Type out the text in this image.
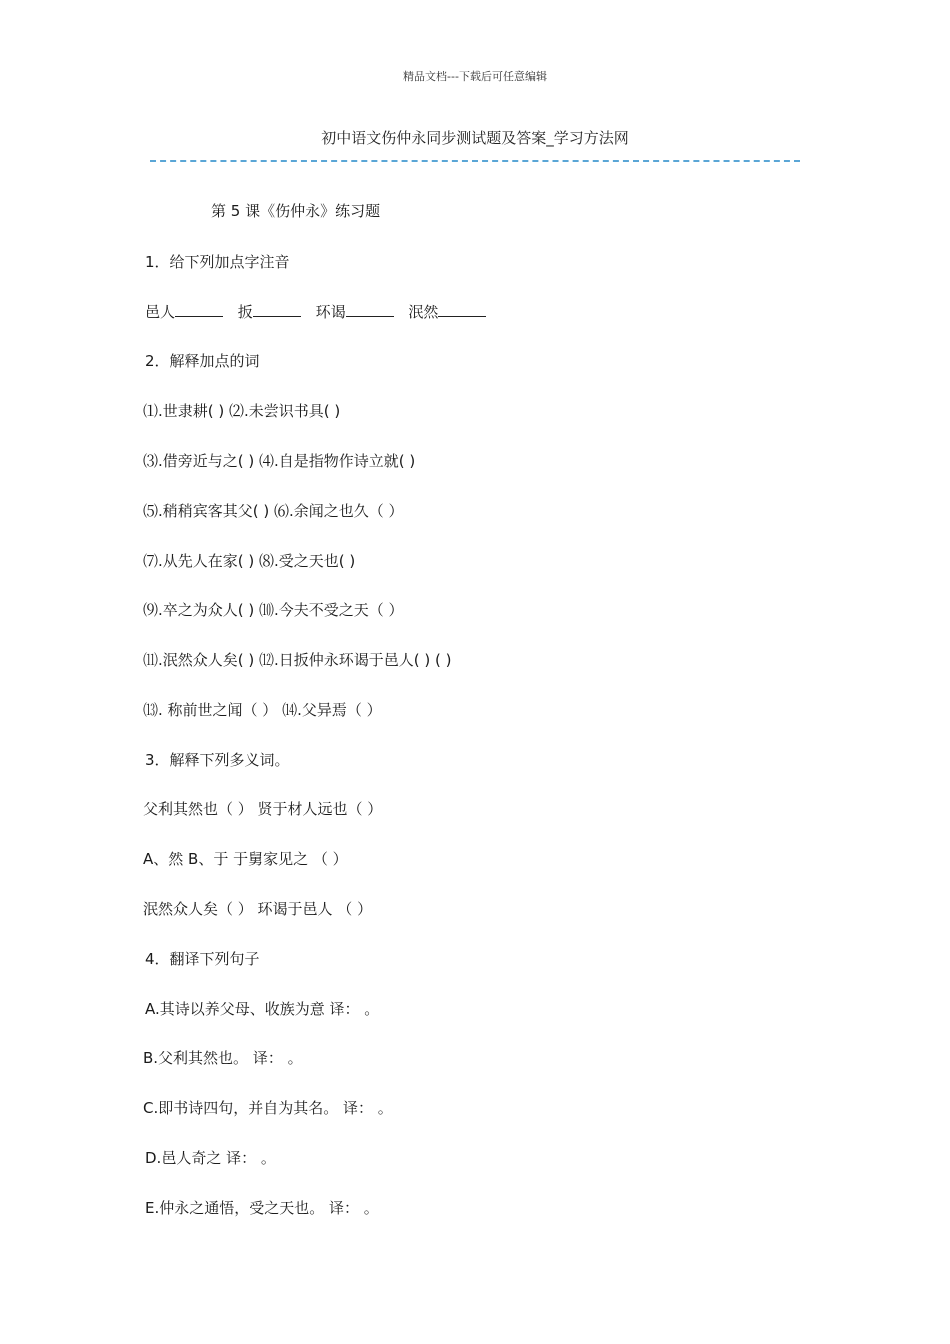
精品文档---下载后可任意编辑
初中语文伤仲永同步测试题及答案_学习方法网
第 5 课《伤仲永》练习题
1．给下列加点字注音
邑人	扳	环谒	泯然
2．解释加点的词
⑴.世隶耕( ) ⑵.未尝识书具( )
⑶.借旁近与之( ) ⑷.自是指物作诗立就( )
⑸.稍稍宾客其父( ) ⑹.余闻之也久（ ）
⑺.从先人在家( ) ⑻.受之天也( )
⑼.卒之为众人( ) ⑽.今夫不受之天（ ）
⑾.泯然众人矣( ) ⑿.日扳仲永环谒于邑人( ) ( )
⒀. 称前世之闻（ ） ⒁.父异焉（ ）
3．解释下列多义词。
父利其然也（ ） 贤于材人远也（ ）
A、然 B、于 于舅家见之 （ ）
泯然众人矣（ ） 环谒于邑人 （ ）
4．翻译下列句子
A.其诗以养父母、收族为意 译： 。
B.父利其然也。 译： 。
C.即书诗四句，并自为其名。 译： 。
D.邑人奇之 译： 。
E.仲永之通悟，受之天也。 译： 。
